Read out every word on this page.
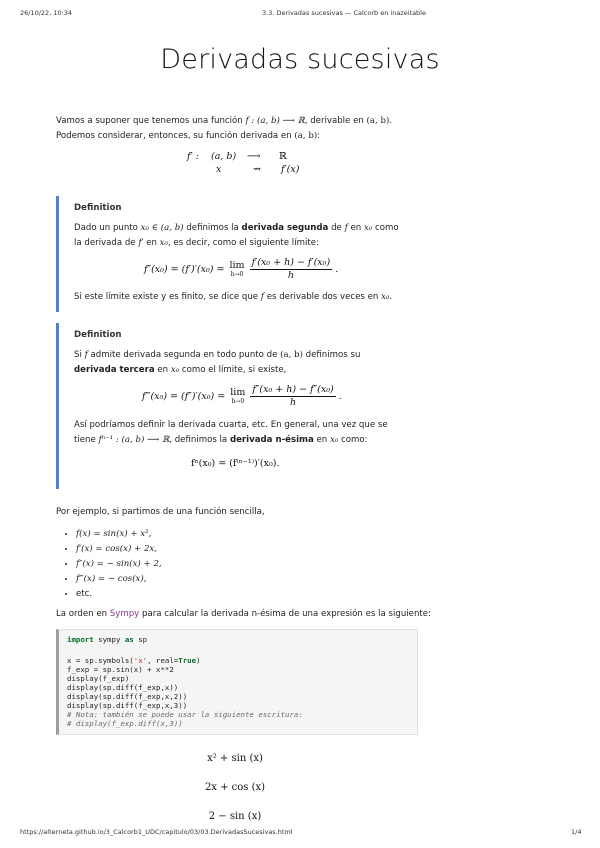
26/10/22, 10:34	3.3. Derivadas sucesivas — Calcorb en inazeitable
https://alterneta.github.io/3_Calcorb1_UDC/capitulo/03/03.DerivadasSucesivas.html	1/4
Derivadas sucesivas
Vamos a suponer que tenemos una función f : (a, b) ⟶ ℝ, derivable en (a, b). Podemos considerar, entonces, su función derivada en (a, b):
f′ : (a, b) ⟶ ℝ
x	⇝ f′(x)
Definition
Dado un punto x₀ ∈ (a, b) definimos la derivada segunda de f en x₀ como la derivada de f′ en x₀, es decir, como el siguiente límite:
f″(x₀) = (f′)′(x₀) = lim
$h\to 0 \frac{\text{f′(x₀ + h) − f′(x₀)}}{h}$ .
Si este límite existe y es finito, se dice que f es derivable dos veces en x₀.
Definition
Si f admite derivada segunda en todo punto de (a, b) definimos su derivada tercera en x₀ como el límite, si existe,
f‴(x₀) = (f″)′(x₀) = lim
$h\to 0 \frac{\text{f″(x₀ + h) − f″(x₀)}}{h}$ .
Así podríamos definir la derivada cuarta, etc. En general, una vez que se tiene fⁿ⁻¹ : (a, b) ⟶ ℝ, definimos la derivada n-ésima en x₀ como:
fⁿ(x₀) = (f⁽ⁿ⁻¹⁾)′(x₀).
Por ejemplo, si partimos de una función sencilla,
• f(x) = sin(x) + x²,
• f′(x) = cos(x) + 2x,
• f″(x) = − sin(x) + 2,
• f‴(x) = − cos(x),
• etc.
La orden en Sympy para calcular la derivada n-ésima de una expresión es la siguiente:
import sympy as sp
x = sp.symbols('x', real=True)
f_exp = sp.sin(x) + x**2
display(f_exp)
display(sp.diff(f_exp,x))
display(sp.diff(f_exp,x,2))
display(sp.diff(f_exp,x,3))
# Nota: también se puede usar la siguiente escritura:
# display(f_exp.diff(x,3))
x² + sin (x)
2x + cos (x)
2 − sin (x)
